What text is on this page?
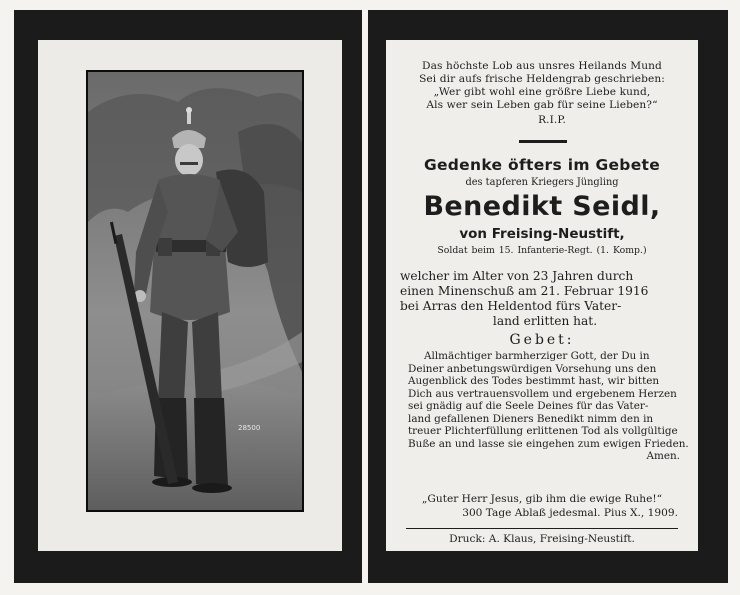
28500
Das höchste Lob aus unsres Heilands Mund
Sei dir aufs frische Heldengrab geschrieben:
„Wer gibt wohl eine größre Liebe kund,
Als wer sein Leben gab für seine Lieben?“
R.I.P.
Gedenke öfters im Gebete
des tapferen Kriegers Jüngling
Benedikt Seidl,
von Freising-Neustift,
Soldat beim 15. Infanterie-Regt. (1. Komp.)
welcher im Alter von 23 Jahren durch
einen Minenschuß am 21. Februar 1916
bei Arras den Heldentod fürs Vater-
land erlitten hat.
Gebet:
Allmächtiger barmherziger Gott, der Du in
Deiner anbetungswürdigen Vorsehung uns den
Augenblick des Todes bestimmt hast, wir bitten
Dich aus vertrauensvollem und ergebenem Herzen
sei gnädig auf die Seele Deines für das Vater-
land gefallenen Dieners Benedikt nimm den in
treuer Plichterfüllung erlittenen Tod als vollgültige
Buße an und lasse sie eingehen zum ewigen Frieden.
Amen.
„Guter Herr Jesus, gib ihm die ewige Ruhe!“
300 Tage Ablaß jedesmal. Pius X., 1909.
Druck: A. Klaus, Freising-Neustift.
